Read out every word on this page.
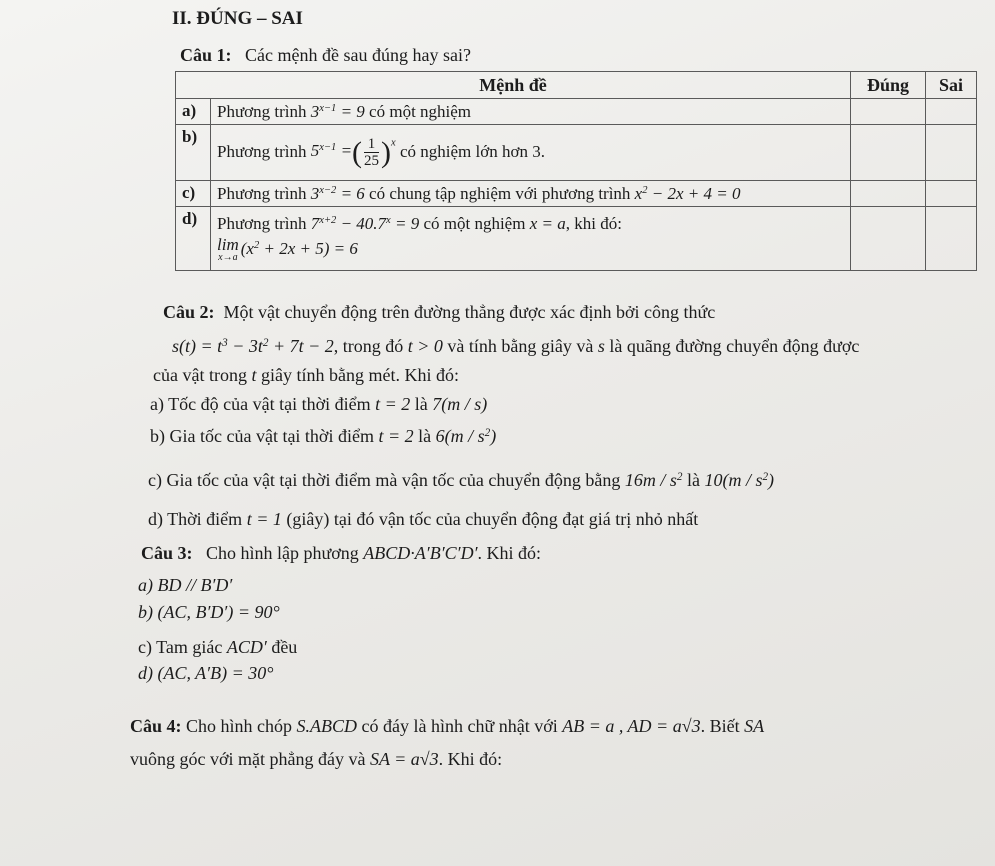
II. ĐÚNG – SAI
Câu 1: Các mệnh đề sau đúng hay sai?
Mệnh đề		Đúng	Sai
a)	Phương trình $3^{x-1} = 9$ có một nghiệm		
b)	Phương trình $5^{x-1}$ =( $\frac{1}{25} )^x$ có nghiệm lớn hơn 3.		
c)	Phương trình $3^{x-2} = 6$ có chung tập nghiệm với phương trình $x^2 - 2x + 4 = 0$		
d)	Phương trình $7^{x+2} - 40.7^x = 9$ có một nghiệm x = a, khi đó:
lim
x→a $(x^2 + 2x + 5) = 6$		

Câu 2: Một vật chuyển động trên đường thẳng được xác định bởi công thức
$s(t) = t^3 - 3t^2 + 7t - 2$, trong đó t > 0 và tính bằng giây và s là quãng đường chuyển động được
của vật trong t giây tính bằng mét. Khi đó:
a) Tốc độ của vật tại thời điểm t = 2 là 7(m / s)
b) Gia tốc của vật tại thời điểm t = 2 là $6(m / s^2)$
c) Gia tốc của vật tại thời điểm mà vận tốc của chuyển động bằng $16m / s^2$ là $10(m / s^2)$
d) Thời điểm t = 1 (giây) tại đó vận tốc của chuyển động đạt giá trị nhỏ nhất
Câu 3: Cho hình lập phương ABCD·A′B′C′D′. Khi đó:
a) BD // B′D′
b) (AC, B′D′) = 90°
c) Tam giác ACD′ đều
d) (AC, A′B) = 30°
Câu 4: Cho hình chóp S.ABCD có đáy là hình chữ nhật với AB = a , AD = a√3. Biết SA
vuông góc với mặt phẳng đáy và SA = a√3. Khi đó:
